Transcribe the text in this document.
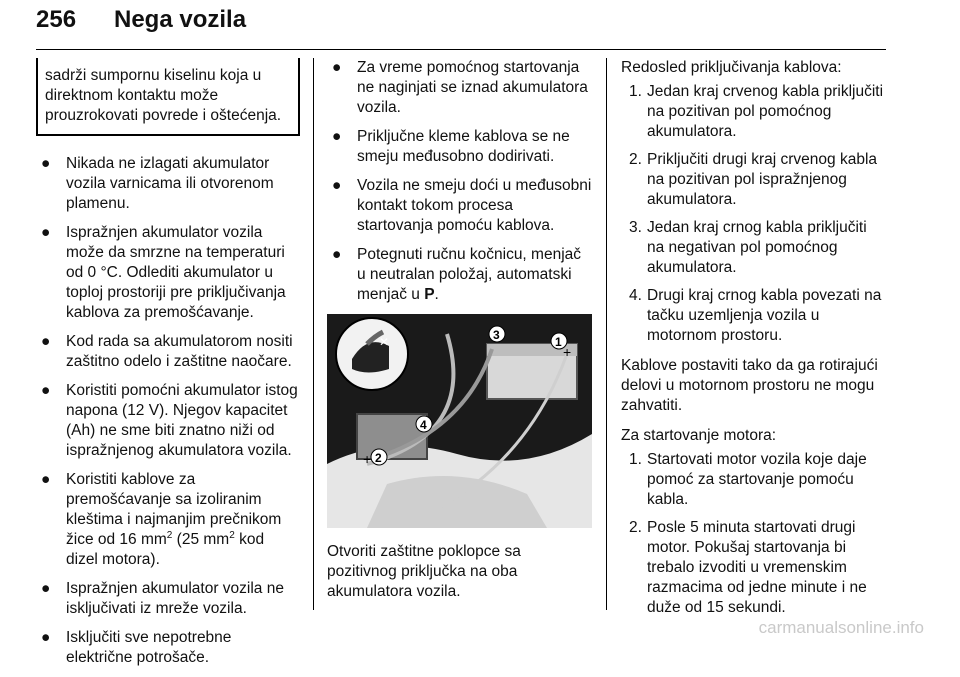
256 Nega vozila
sadrži sumpornu kiselinu koja u direktnom kontaktu može prouzrokovati povrede i oštećenja.
● Nikada ne izlagati akumulator vozila varnicama ili otvorenom plamenu.
● Ispražnjen akumulator vozila može da smrzne na temperaturi od 0 °C. Odlediti akumulator u toploj prostoriji pre priključivanja kablova za premošćavanje.
● Kod rada sa akumulatorom nositi zaštitno odelo i zaštitne naočare.
● Koristiti pomoćni akumulator istog napona (12 V). Njegov kapacitet (Ah) ne sme biti znatno niži od ispražnjenog akumulatora vozila.
● Koristiti kablove za premošćavanje sa izoliranim kleštima i najmanjim prečnikom žice od 16 $mm^2$ (25 $mm^2$ kod dizel motora).
● Ispražnjen akumulator vozila ne isključivati iz mreže vozila.
● Isključiti sve nepotrebne električne potrošače.
● Za vreme pomoćnog startovanja ne naginjati se iznad akumulatora vozila.
● Priključne kleme kablova se ne smeju međusobno dodirivati.
● Vozila ne smeju doći u međusobni kontakt tokom procesa startovanja pomoću kablova.
● Potegnuti ručnu kočnicu, menjač u neutralan položaj, automatski menjač u P.
✕	1
2
3
4
+
+

Otvoriti zaštitne poklopce sa pozitivnog priključka na oba akumulatora vozila.

Redosled priključivanja kablova:

1. Jedan kraj crvenog kabla priključiti na pozitivan pol pomoćnog akumulatora.
2. Priključiti drugi kraj crvenog kabla na pozitivan pol ispražnjenog akumulatora.
3. Jedan kraj crnog kabla priključiti na negativan pol pomoćnog akumulatora.
4. Drugi kraj crnog kabla povezati na tačku uzemljenja vozila u motornom prostoru.

Kablove postaviti tako da ga rotirajući delovi u motornom prostoru ne mogu zahvatiti.

Za startovanje motora:

1. Startovati motor vozila koje daje pomoć za startovanje pomoću kabla.
2. Posle 5 minuta startovati drugi motor. Pokušaj startovanja bi trebalo izvoditi u vremenskim razmacima od jedne minute i ne duže od 15 sekundi.
carmanualsonline.info
